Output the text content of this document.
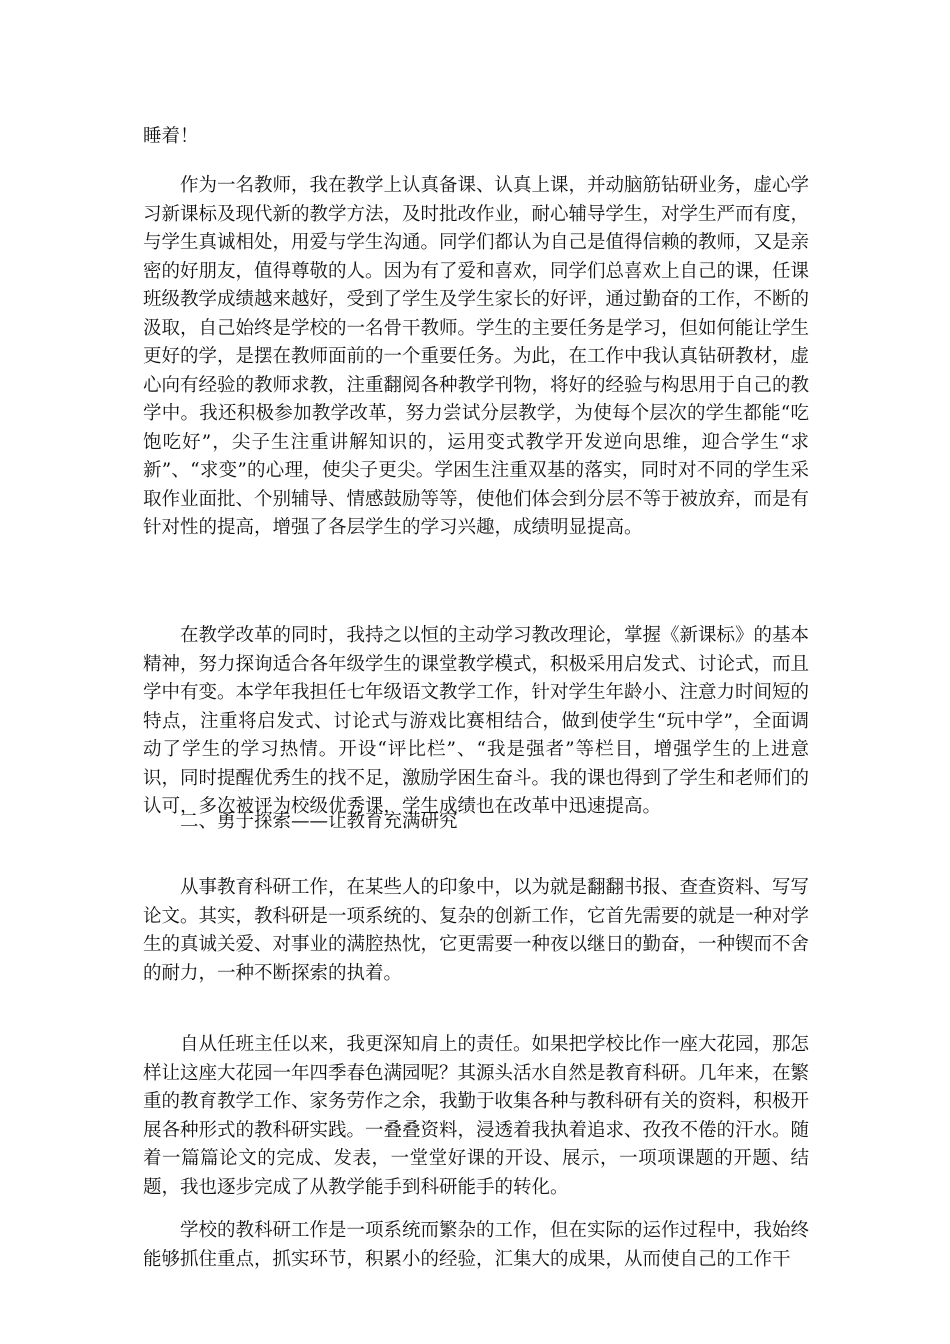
睡着！

作为一名教师，我在教学上认真备课、认真上课，并动脑筋钻研业务，虚心学习新课标及现代新的教学方法，及时批改作业，耐心辅导学生，对学生严而有度，与学生真诚相处，用爱与学生沟通。同学们都认为自己是值得信赖的教师，又是亲密的好朋友，值得尊敬的人。因为有了爱和喜欢，同学们总喜欢上自己的课，任课班级教学成绩越来越好，受到了学生及学生家长的好评，通过勤奋的工作，不断的汲取，自己始终是学校的一名骨干教师。学生的主要任务是学习，但如何能让学生更好的学，是摆在教师面前的一个重要任务。为此，在工作中我认真钻研教材，虚心向有经验的教师求教，注重翻阅各种教学刊物，将好的经验与构思用于自己的教学中。我还积极参加教学改革，努力尝试分层教学，为使每个层次的学生都能“吃饱吃好”，尖子生注重讲解知识的，运用变式教学开发逆向思维，迎合学生“求新”、“求变”的心理，使尖子更尖。学困生注重双基的落实，同时对不同的学生采取作业面批、个别辅导、情感鼓励等等，使他们体会到分层不等于被放弃，而是有针对性的提高，增强了各层学生的学习兴趣，成绩明显提高。

在教学改革的同时，我持之以恒的主动学习教改理论，掌握《新课标》的基本精神，努力探询适合各年级学生的课堂教学模式，积极采用启发式、讨论式，而且学中有变。本学年我担任七年级语文教学工作，针对学生年龄小、注意力时间短的特点，注重将启发式、讨论式与游戏比赛相结合，做到使学生“玩中学”，全面调动了学生的学习热情。开设“评比栏”、“我是强者”等栏目，增强学生的上进意识，同时提醒优秀生的找不足，激励学困生奋斗。我的课也得到了学生和老师们的认可，多次被评为校级优秀课，学生成绩也在改革中迅速提高。

二、勇于探索——让教育充满研究

从事教育科研工作，在某些人的印象中，以为就是翻翻书报、查查资料、写写论文。其实，教科研是一项系统的、复杂的创新工作，它首先需要的就是一种对学生的真诚关爱、对事业的满腔热忱，它更需要一种夜以继日的勤奋，一种锲而不舍的耐力，一种不断探索的执着。

自从任班主任以来，我更深知肩上的责任。如果把学校比作一座大花园，那怎样让这座大花园一年四季春色满园呢？其源头活水自然是教育科研。几年来，在繁重的教育教学工作、家务劳作之余，我勤于收集各种与教科研有关的资料，积极开展各种形式的教科研实践。一叠叠资料，浸透着我执着追求、孜孜不倦的汗水。随着一篇篇论文的完成、发表，一堂堂好课的开设、展示，一项项课题的开题、结题，我也逐步完成了从教学能手到科研能手的转化。

学校的教科研工作是一项系统而繁杂的工作，但在实际的运作过程中，我始终能够抓住重点，抓实环节，积累小的经验，汇集大的成果，从而使自己的工作干
